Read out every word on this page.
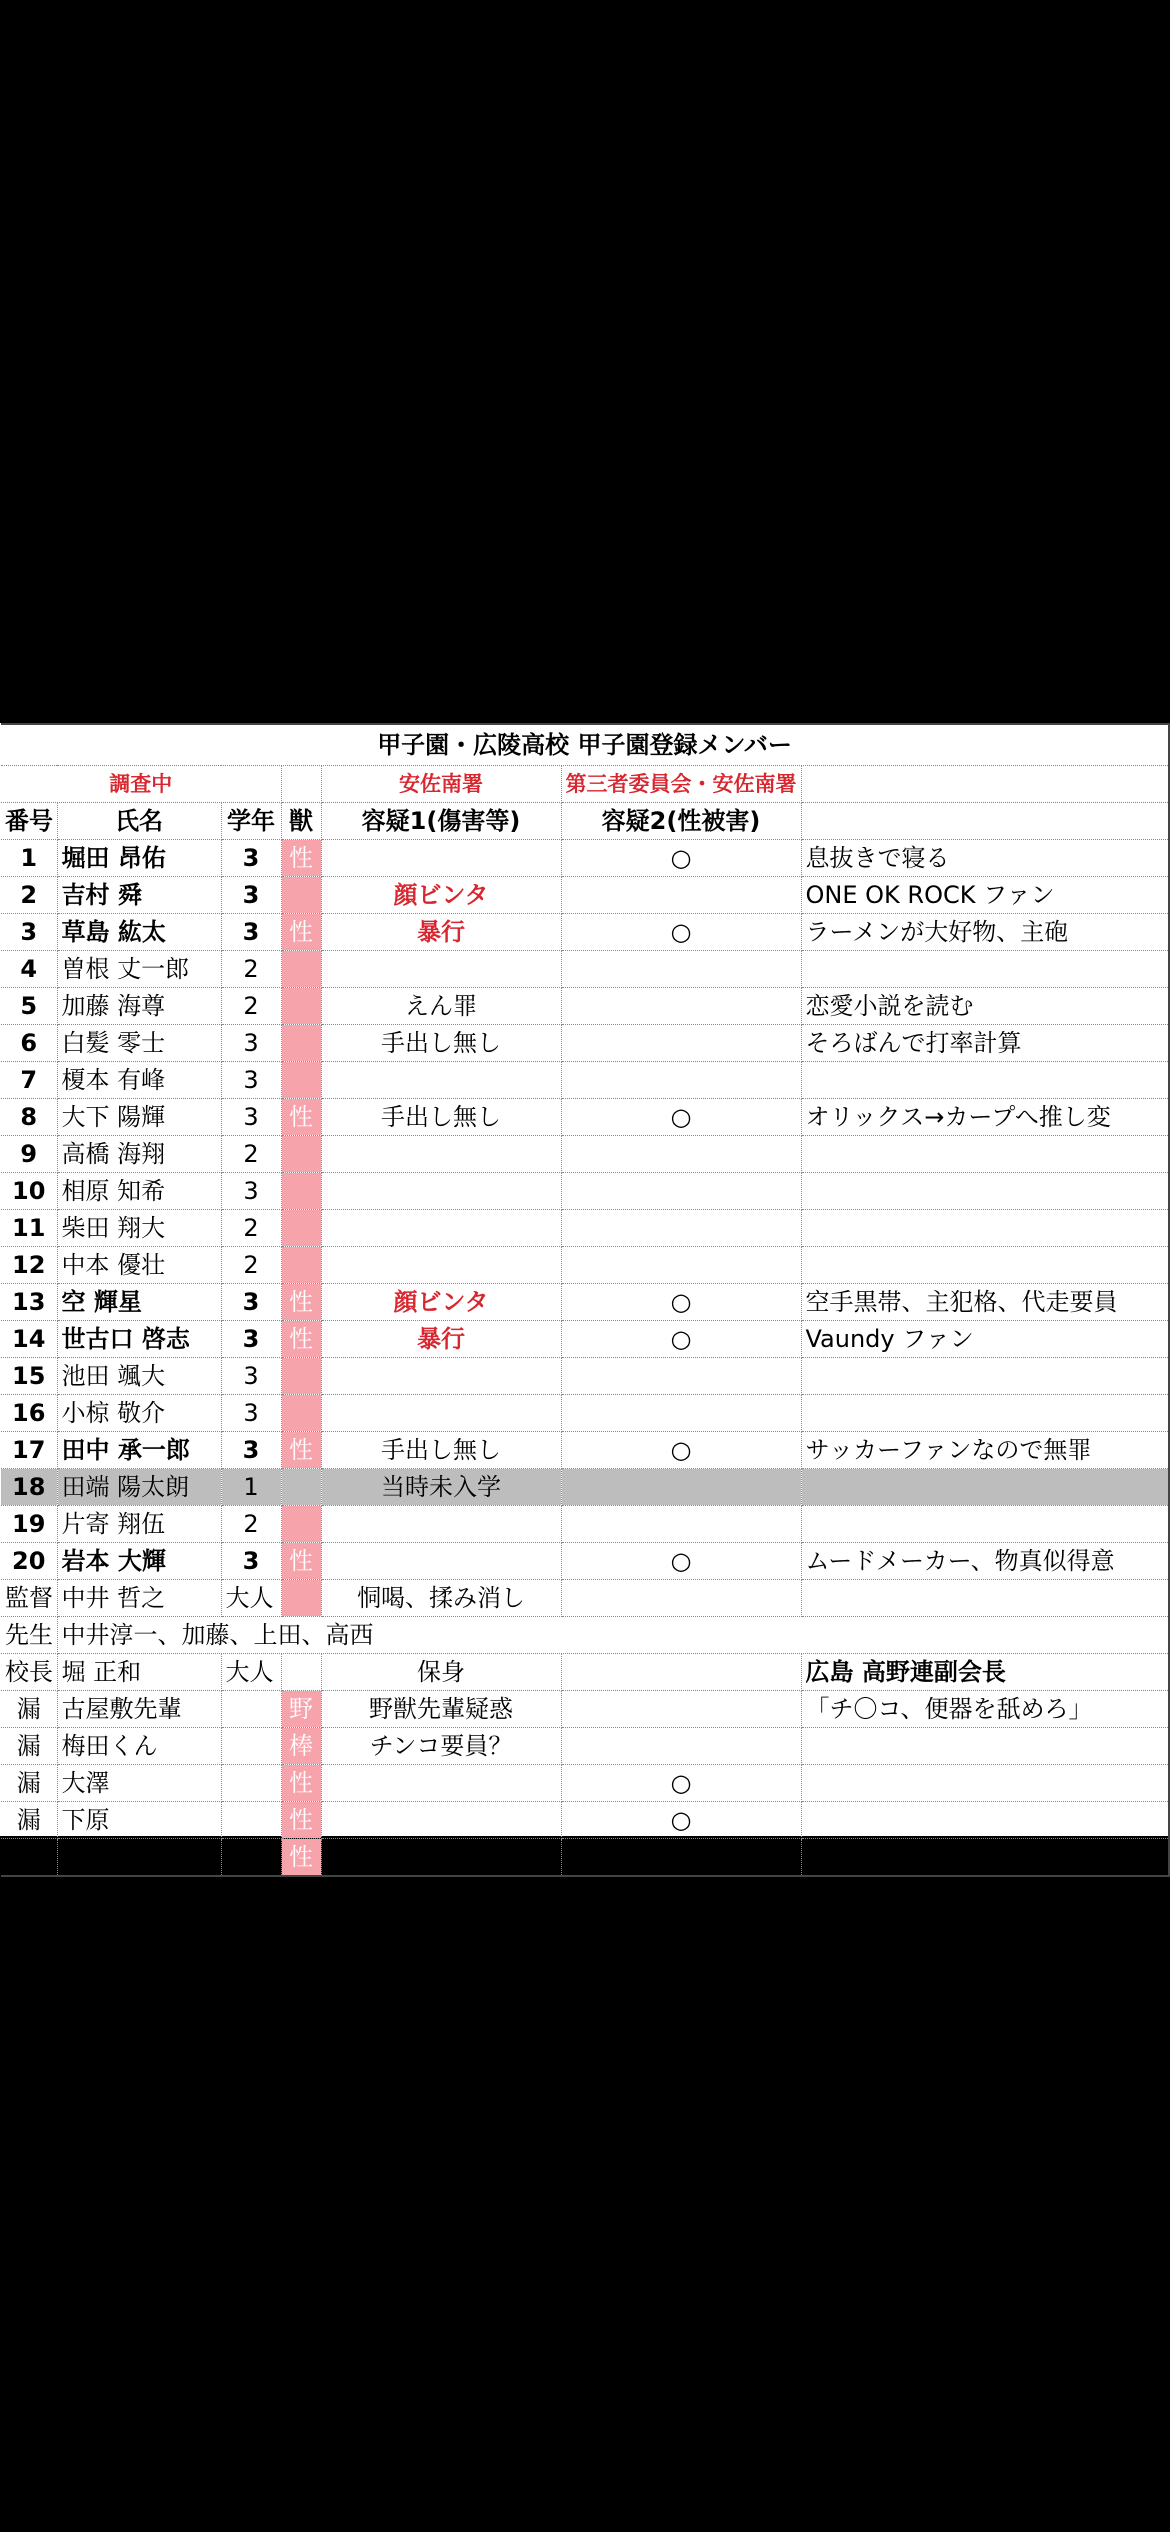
甲子園・広陵高校 甲子園登録メンバー						
調査中				安佐南署	第三者委員会・安佐南署	
番号	氏名	学年	獣	容疑1(傷害等)	容疑2(性被害)	
1	堀田 昂佑	3	性		○	息抜きで寝る
2	吉村 舜	3		顔ビンタ		ONE OK ROCK ファン
3	草島 紘太	3	性	暴行	○	ラーメンが大好物、主砲
4	曽根 丈一郎	2				
5	加藤 海尊	2		えん罪		恋愛小説を読む
6	白髪 零士	3		手出し無し		そろばんで打率計算
7	榎本 有峰	3				
8	大下 陽輝	3	性	手出し無し	○	オリックス→カープへ推し変
9	高橋 海翔	2				
10	相原 知希	3				
11	柴田 翔大	2				
12	中本 優壮	2				
13	空 輝星	3	性	顔ビンタ	○	空手黒帯、主犯格、代走要員
14	世古口 啓志	3	性	暴行	○	Vaundy ファン
15	池田 颯大	3				
16	小椋 敬介	3				
17	田中 承一郎	3	性	手出し無し	○	サッカーファンなので無罪
18	田端 陽太朗	1		当時未入学		
19	片寄 翔伍	2				
20	岩本 大輝	3	性		○	ムードメーカー、物真似得意
監督	中井 哲之	大人		恫喝、揉み消し		
先生	中井淳一、加藤、上田、高西					
校長	堀 正和	大人		保身		広島 高野連副会長
漏	古屋敷先輩		野	野獣先輩疑惑		「チ〇コ、便器を舐めろ」
漏	梅田くん		棒	チンコ要員？		
漏	大澤		性		○	
漏	下原		性		○	
漏	佐々木		性		○	
